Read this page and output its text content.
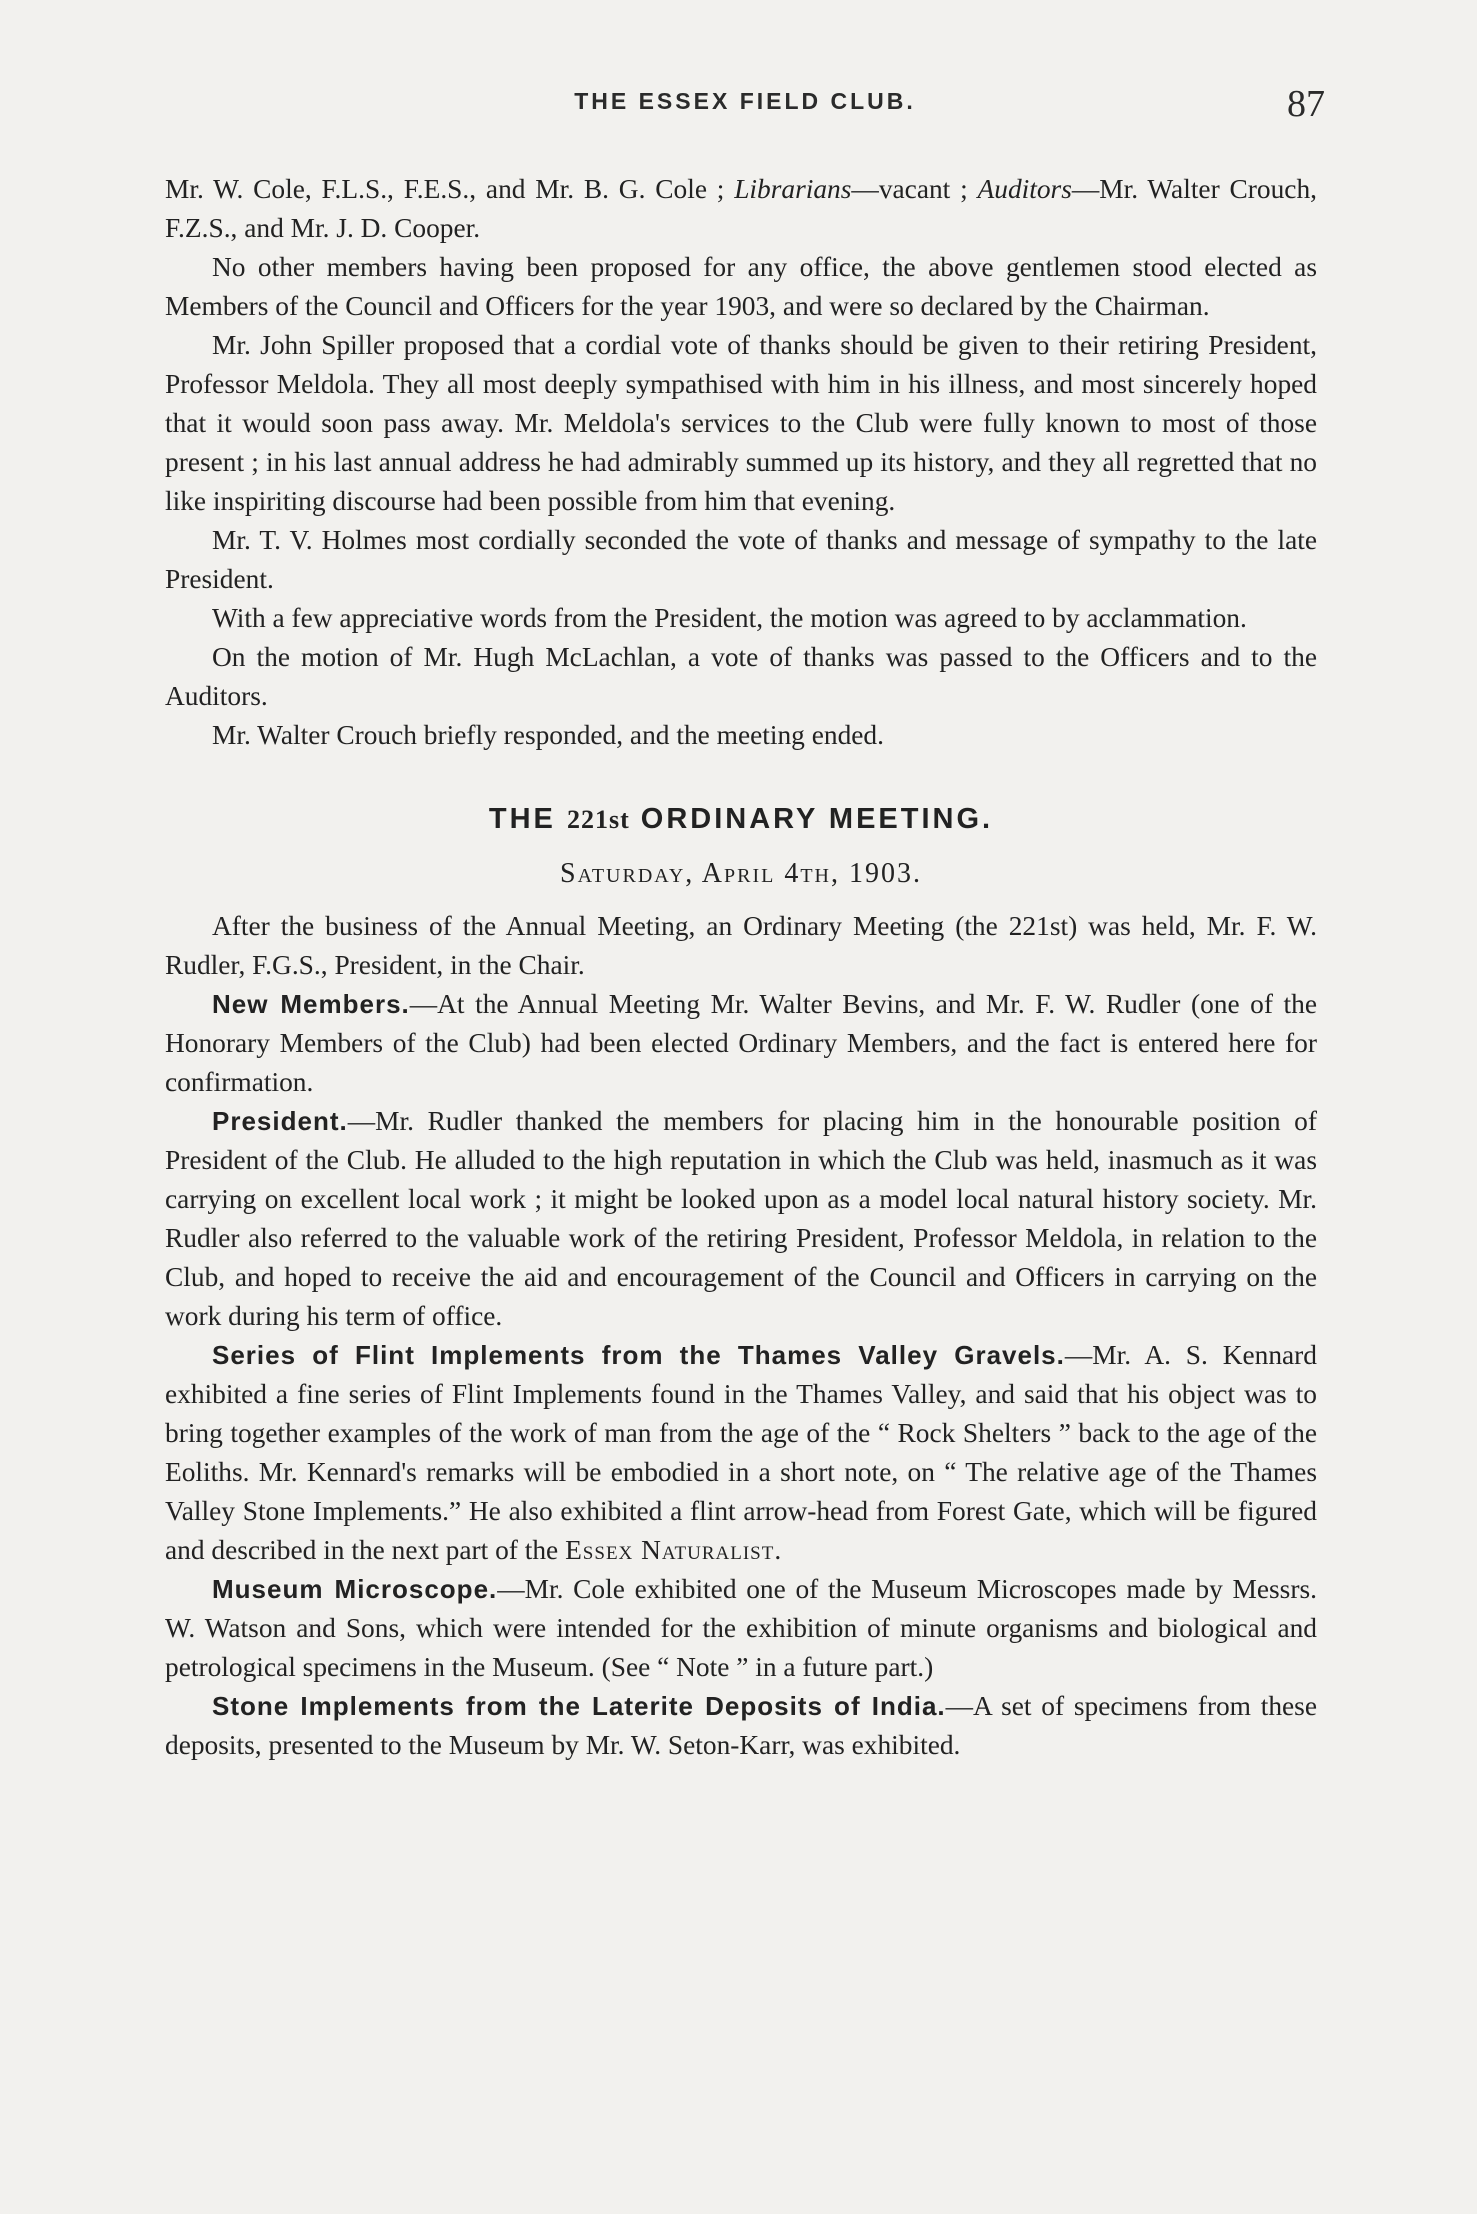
THE ESSEX FIELD CLUB.	87

Mr. W. Cole, F.L.S., F.E.S., and Mr. B. G. Cole ; Librarians—vacant ; Auditors—Mr. Walter Crouch, F.Z.S., and Mr. J. D. Cooper.

No other members having been proposed for any office, the above gentlemen stood elected as Members of the Council and Officers for the year 1903, and were so declared by the Chairman.

Mr. John Spiller proposed that a cordial vote of thanks should be given to their retiring President, Professor Meldola. They all most deeply sympathised with him in his illness, and most sincerely hoped that it would soon pass away. Mr. Meldola's services to the Club were fully known to most of those present ; in his last annual address he had admirably summed up its history, and they all regretted that no like inspiriting discourse had been possible from him that evening.

Mr. T. V. Holmes most cordially seconded the vote of thanks and message of sympathy to the late President.

With a few appreciative words from the President, the motion was agreed to by acclammation.

On the motion of Mr. Hugh McLachlan, a vote of thanks was passed to the Officers and to the Auditors.

Mr. Walter Crouch briefly responded, and the meeting ended.

THE 221st ORDINARY MEETING.
Saturday, April 4th, 1903.

After the business of the Annual Meeting, an Ordinary Meeting (the 221st) was held, Mr. F. W. Rudler, F.G.S., President, in the Chair.

New Members.—At the Annual Meeting Mr. Walter Bevins, and Mr. F. W. Rudler (one of the Honorary Members of the Club) had been elected Ordinary Members, and the fact is entered here for confirmation.

President.—Mr. Rudler thanked the members for placing him in the honourable position of President of the Club. He alluded to the high reputation in which the Club was held, inasmuch as it was carrying on excellent local work ; it might be looked upon as a model local natural history society. Mr. Rudler also referred to the valuable work of the retiring President, Professor Meldola, in relation to the Club, and hoped to receive the aid and encouragement of the Council and Officers in carrying on the work during his term of office.

Series of Flint Implements from the Thames Valley Gravels.—Mr. A. S. Kennard exhibited a fine series of Flint Implements found in the Thames Valley, and said that his object was to bring together examples of the work of man from the age of the “ Rock Shelters ” back to the age of the Eoliths. Mr. Kennard's remarks will be embodied in a short note, on “ The relative age of the Thames Valley Stone Implements.” He also exhibited a flint arrow-head from Forest Gate, which will be figured and described in the next part of the Essex Naturalist.

Museum Microscope.—Mr. Cole exhibited one of the Museum Microscopes made by Messrs. W. Watson and Sons, which were intended for the exhibition of minute organisms and biological and petrological specimens in the Museum. (See “ Note ” in a future part.)

Stone Implements from the Laterite Deposits of India.—A set of specimens from these deposits, presented to the Museum by Mr. W. Seton-Karr, was exhibited.
